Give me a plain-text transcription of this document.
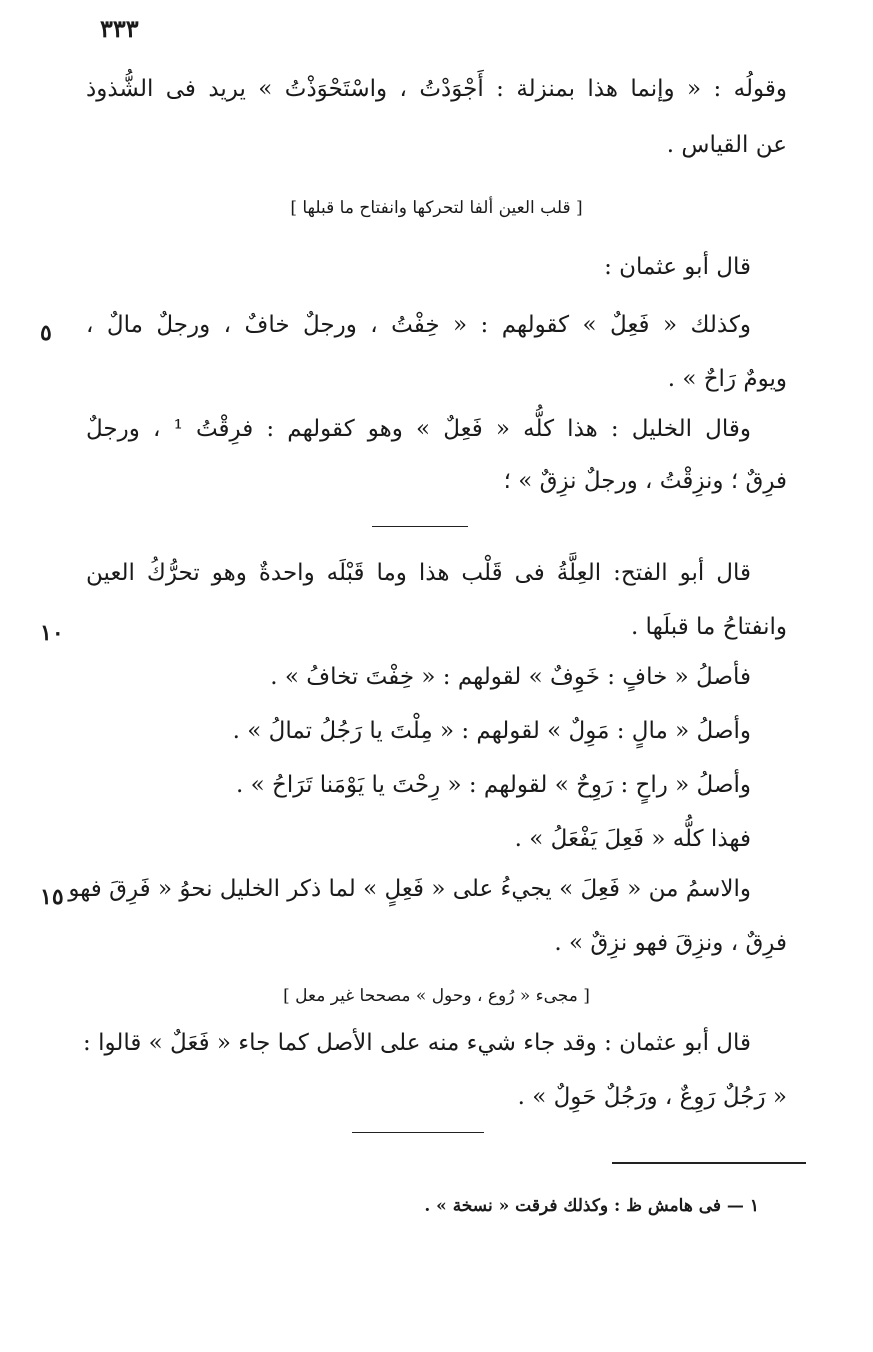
٣٣٣
وقولُه : « وإنما هذا بمنزلة : أَجْوَدْتُ ، واسْتَحْوَذْتُ » يريد فى الشُّذوذ
عن القياس .
[ قلب العين ألفا لتحركها وانفتاح ما قبلها ]
قال أبو عثمان :
وكذلك « فَعِلٌ » كقولهم : « خِفْتُ ، ورجلٌ خافٌ ، ورجلٌ مالٌ ،
٥
ويومٌ رَاحٌ » .
وقال الخليل : هذا كلُّه « فَعِلٌ » وهو كقولهم : فرِقْتُ ¹ ، ورجلٌ
فرِقٌ ؛ ونزِقْتُ ، ورجلٌ نزِقٌ » ؛
قال أبو الفتح: العِلَّةُ فى قَلْب هذا وما قَبْلَه واحدةٌ وهو تحرُّكُ العين
وانفتاحُ ما قبلَها .
١٠
فأصلُ « خافٍ : خَوِفٌ » لقولهم : « خِفْتَ تخافُ » .
وأصلُ « مالٍ : مَوِلٌ » لقولهم : « مِلْتَ يا رَجُلُ تمالُ » .
وأصلُ « راحٍ : رَوِحٌ » لقولهم : « رِحْتَ يا يَوْمَنا تَرَاحُ » .
فهذا كلُّه « فَعِلَ يَفْعَلُ » .
والاسمُ من « فَعِلَ » يجيءُ على « فَعِلٍ » لما ذكر الخليل نحوُ « فَرِقَ فهو
١٥
فرِقٌ ، ونزِقَ فهو نزِقٌ » .
[ مجىء « رُوع ، وحول » مصححا غير معل ]
قال أبو عثمان : وقد جاء شيء منه على الأصل كما جاء « فَعَلٌ » قالوا :
« رَجُلٌ رَوِعٌ ، ورَجُلٌ حَوِلٌ » .
١ — فى هامش ظ : وكذلك فرقت « نسخة » .
